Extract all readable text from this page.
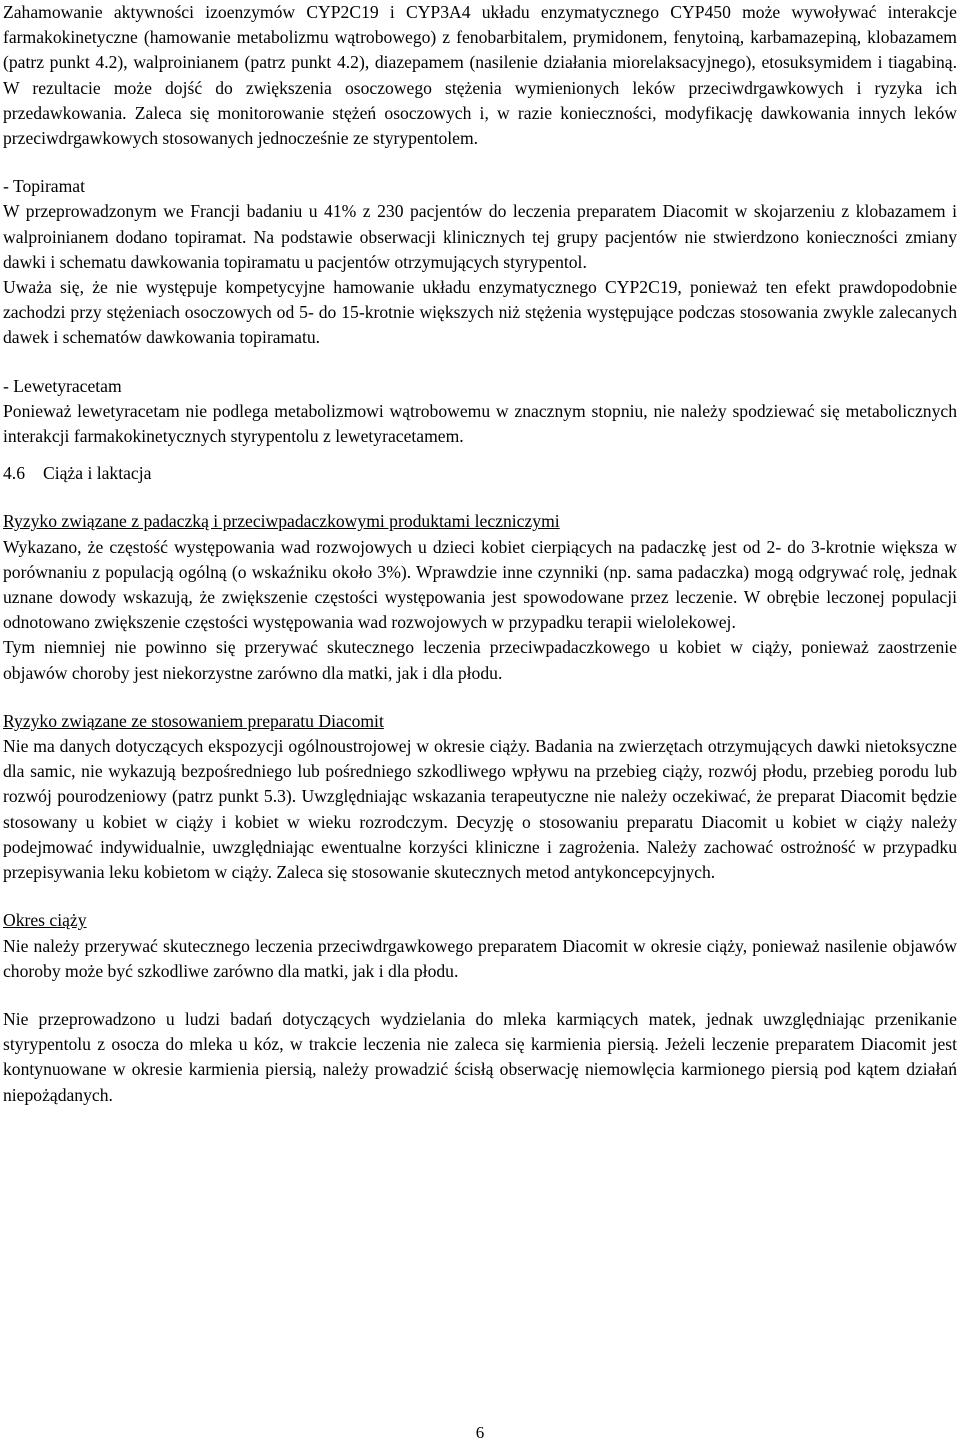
Zahamowanie aktywności izoenzymów CYP2C19 i CYP3A4 układu enzymatycznego CYP450 może wywoływać interakcje farmakokinetyczne (hamowanie metabolizmu wątrobowego) z fenobarbitalem, prymidonem, fenytoiną, karbamazepiną, klobazamem (patrz punkt 4.2), walproinianem (patrz punkt 4.2), diazepamem (nasilenie działania miorelaksacyjnego), etosuksymidem i tiagabiną. W rezultacie może dojść do zwiększenia osoczowego stężenia wymienionych leków przeciwdrgawkowych i ryzyka ich przedawkowania. Zaleca się monitorowanie stężeń osoczowych i, w razie konieczności, modyfikację dawkowania innych leków przeciwdrgawkowych stosowanych jednocześnie ze styrypentolem.

- Topiramat

W przeprowadzonym we Francji badaniu u 41% z 230 pacjentów do leczenia preparatem Diacomit w skojarzeniu z klobazamem i walproinianem dodano topiramat. Na podstawie obserwacji klinicznych tej grupy pacjentów nie stwierdzono konieczności zmiany dawki i schematu dawkowania topiramatu u pacjentów otrzymujących styrypentol.

Uważa się, że nie występuje kompetycyjne hamowanie układu enzymatycznego CYP2C19, ponieważ ten efekt prawdopodobnie zachodzi przy stężeniach osoczowych od 5- do 15-krotnie większych niż stężenia występujące podczas stosowania zwykle zalecanych dawek i schematów dawkowania topiramatu.

- Lewetyracetam

Ponieważ lewetyracetam nie podlega metabolizmowi wątrobowemu w znacznym stopniu, nie należy spodziewać się metabolicznych interakcji farmakokinetycznych styrypentolu z lewetyracetamem.

4.6 Ciąża i laktacja

Ryzyko związane z padaczką i przeciwpadaczkowymi produktami leczniczymi

Wykazano, że częstość występowania wad rozwojowych u dzieci kobiet cierpiących na padaczkę jest od 2- do 3-krotnie większa w porównaniu z populacją ogólną (o wskaźniku około 3%). Wprawdzie inne czynniki (np. sama padaczka) mogą odgrywać rolę, jednak uznane dowody wskazują, że zwiększenie częstości występowania jest spowodowane przez leczenie. W obrębie leczonej populacji odnotowano zwiększenie częstości występowania wad rozwojowych w przypadku terapii wielolekowej.

Tym niemniej nie powinno się przerywać skutecznego leczenia przeciwpadaczkowego u kobiet w ciąży, ponieważ zaostrzenie objawów choroby jest niekorzystne zarówno dla matki, jak i dla płodu.

Ryzyko związane ze stosowaniem preparatu Diacomit

Nie ma danych dotyczących ekspozycji ogólnoustrojowej w okresie ciąży. Badania na zwierzętach otrzymujących dawki nietoksyczne dla samic, nie wykazują bezpośredniego lub pośredniego szkodliwego wpływu na przebieg ciąży, rozwój płodu, przebieg porodu lub rozwój pourodzeniowy (patrz punkt 5.3). Uwzględniając wskazania terapeutyczne nie należy oczekiwać, że preparat Diacomit będzie stosowany u kobiet w ciąży i kobiet w wieku rozrodczym. Decyzję o stosowaniu preparatu Diacomit u kobiet w ciąży należy podejmować indywidualnie, uwzględniając ewentualne korzyści kliniczne i zagrożenia. Należy zachować ostrożność w przypadku przepisywania leku kobietom w ciąży. Zaleca się stosowanie skutecznych metod antykoncepcyjnych.

Okres ciąży

Nie należy przerywać skutecznego leczenia przeciwdrgawkowego preparatem Diacomit w okresie ciąży, ponieważ nasilenie objawów choroby może być szkodliwe zarówno dla matki, jak i dla płodu.

Nie przeprowadzono u ludzi badań dotyczących wydzielania do mleka karmiących matek, jednak uwzględniając przenikanie styrypentolu z osocza do mleka u kóz, w trakcie leczenia nie zaleca się karmienia piersią. Jeżeli leczenie preparatem Diacomit jest kontynuowane w okresie karmienia piersią, należy prowadzić ścisłą obserwację niemowlęcia karmionego piersią pod kątem działań niepożądanych.

6
